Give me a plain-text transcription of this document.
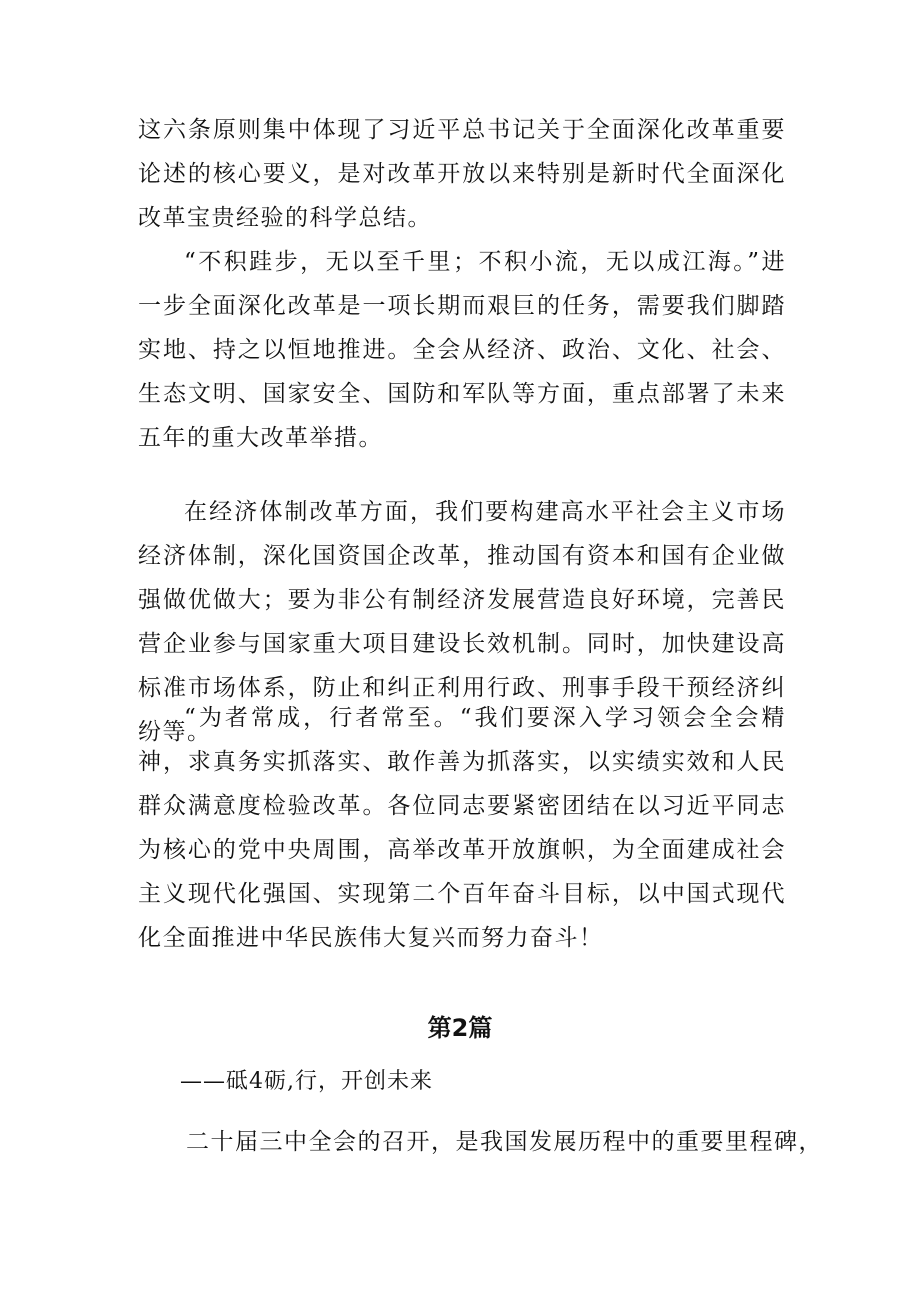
这六条原则集中体现了习近平总书记关于全面深化改革重要论述的核心要义，是对改革开放以来特别是新时代全面深化改革宝贵经验的科学总结。

“不积跬步，无以至千里；不积小流，无以成江海。”进一步全面深化改革是一项长期而艰巨的任务，需要我们脚踏实地、持之以恒地推进。全会从经济、政治、文化、社会、生态文明、国家安全、国防和军队等方面，重点部署了未来五年的重大改革举措。

在经济体制改革方面，我们要构建高水平社会主义市场经济体制，深化国资国企改革，推动国有资本和国有企业做强做优做大；要为非公有制经济发展营造良好环境，完善民营企业参与国家重大项目建设长效机制。同时，加快建设高标准市场体系，防止和纠正利用行政、刑事手段干预经济纠纷等。

“为者常成，行者常至。“我们要深入学习领会全会精神，求真务实抓落实、敢作善为抓落实，以实绩实效和人民群众满意度检验改革。各位同志要紧密团结在以习近平同志为核心的党中央周围，高举改革开放旗帜，为全面建成社会主义现代化强国、实现第二个百年奋斗目标，以中国式现代化全面推进中华民族伟大复兴而努力奋斗！

第2篇

——砥4砺,行，开创未来

二十届三中全会的召开，是我国发展历程中的重要里程碑，
